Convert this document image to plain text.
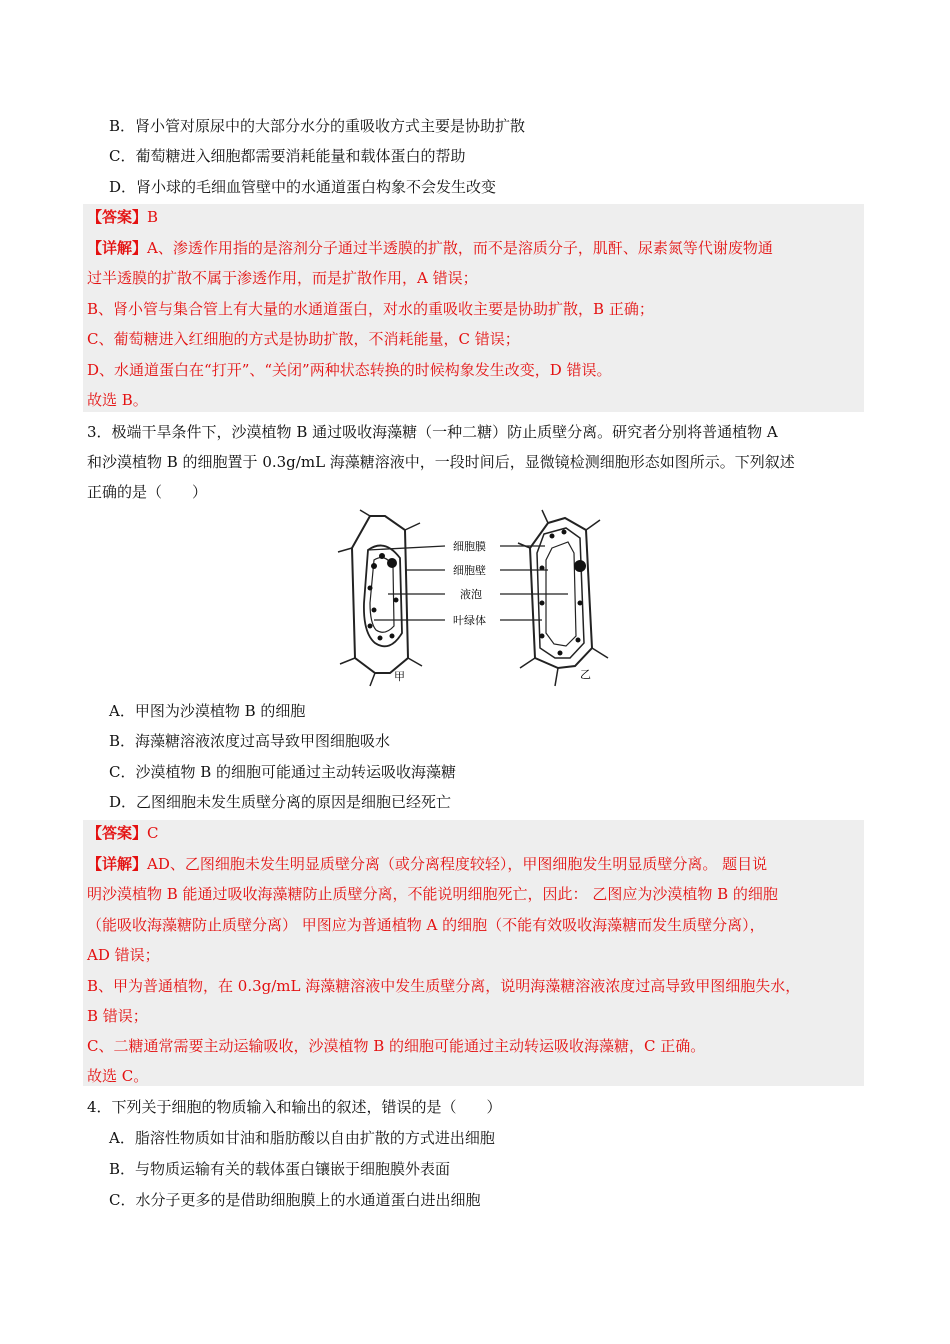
B．肾小管对原尿中的大部分水分的重吸收方式主要是协助扩散
C．葡萄糖进入细胞都需要消耗能量和载体蛋白的帮助
D．肾小球的毛细血管壁中的水通道蛋白构象不会发生改变
【答案】B
【详解】A、渗透作用指的是溶剂分子通过半透膜的扩散，而不是溶质分子，肌酐、尿素氮等代谢废物通
过半透膜的扩散不属于渗透作用，而是扩散作用，A 错误；
B、肾小管与集合管上有大量的水通道蛋白，对水的重吸收主要是协助扩散，B 正确；
C、葡萄糖进入红细胞的方式是协助扩散，不消耗能量，C 错误；
D、水通道蛋白在“打开”、“关闭”两种状态转换的时候构象发生改变，D 错误。
故选 B。
3．极端干旱条件下，沙漠植物 B 通过吸收海藻糖（一种二糖）防止质壁分离。研究者分别将普通植物 A
和沙漠植物 B 的细胞置于 0.3g/mL 海藻糖溶液中，一段时间后，显微镜检测细胞形态如图所示。下列叙述
正确的是（　　）
细胞膜
细胞壁
液泡
叶绿体
甲	乙
A．甲图为沙漠植物 B 的细胞
B．海藻糖溶液浓度过高导致甲图细胞吸水
C．沙漠植物 B 的细胞可能通过主动转运吸收海藻糖
D．乙图细胞未发生质壁分离的原因是细胞已经死亡
【答案】C
【详解】AD、乙图细胞未发生明显质壁分离（或分离程度较轻），甲图细胞发生明显质壁分离。 题目说
明沙漠植物 B 能通过吸收海藻糖防止质壁分离，不能说明细胞死亡，因此： 乙图应为沙漠植物 B 的细胞
（能吸收海藻糖防止质壁分离） 甲图应为普通植物 A 的细胞（不能有效吸收海藻糖而发生质壁分离），
AD 错误；
B、甲为普通植物，在 0.3g/mL 海藻糖溶液中发生质壁分离，说明海藻糖溶液浓度过高导致甲图细胞失水，
B 错误；
C、二糖通常需要主动运输吸收，沙漠植物 B 的细胞可能通过主动转运吸收海藻糖，C 正确。
故选 C。
4．下列关于细胞的物质输入和输出的叙述，错误的是（　　）
A．脂溶性物质如甘油和脂肪酸以自由扩散的方式进出细胞
B．与物质运输有关的载体蛋白镶嵌于细胞膜外表面
C．水分子更多的是借助细胞膜上的水通道蛋白进出细胞
